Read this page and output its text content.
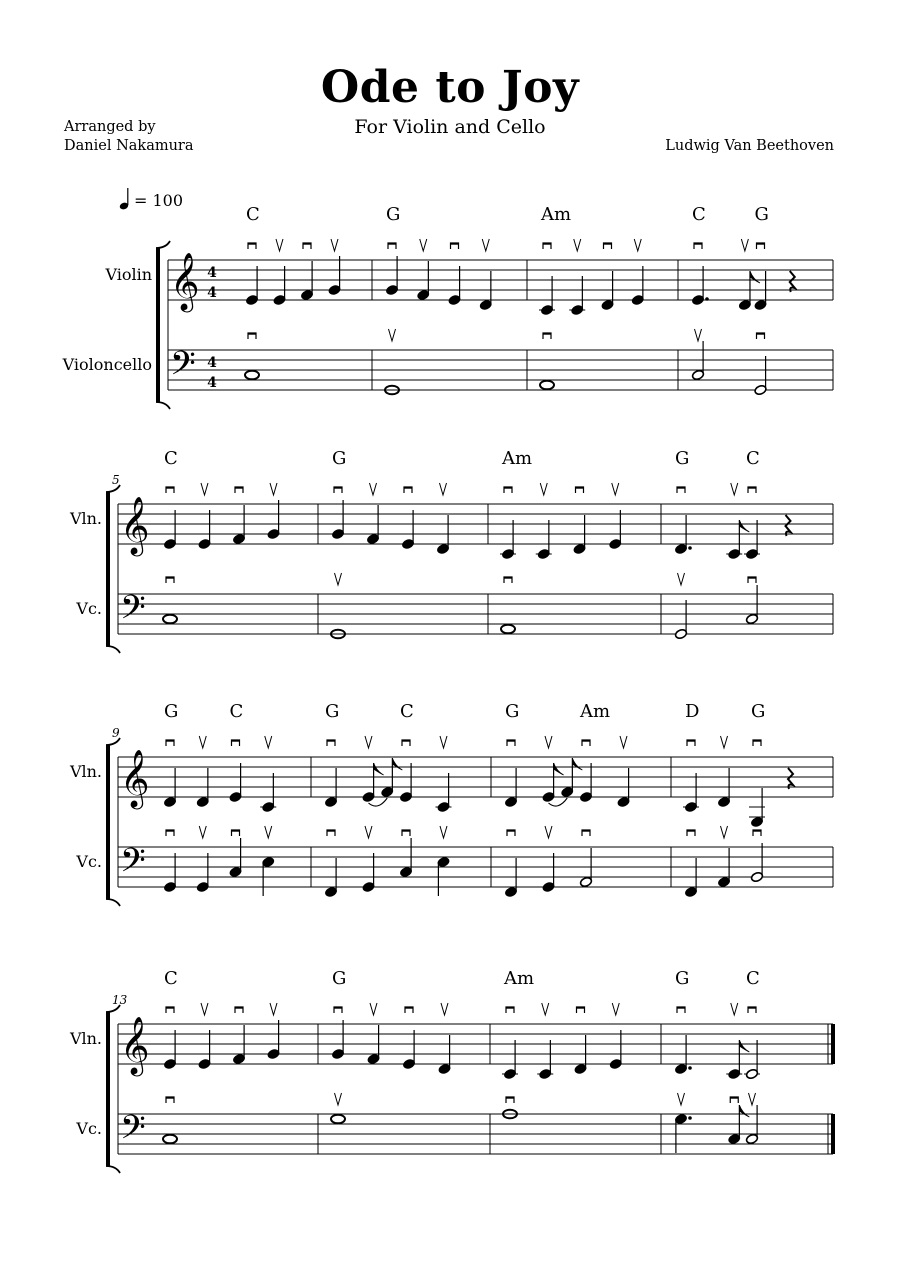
Ode to Joy
For Violin and Cello
Arranged by
Daniel Nakamura	Ludwig Van Beethoven
= 100
Violin
Violoncello
𝄞
𝄢
4
4
4
4
C	G	Am	C	G
Vln.
Vc.
5
𝄞
𝄢
C	G	Am	G	C
Vln.
Vc.
9
𝄞
𝄢
G	C	G	C	G	Am	D	G
Vln.
Vc.
13
𝄞
𝄢
C	G	Am	G	C
